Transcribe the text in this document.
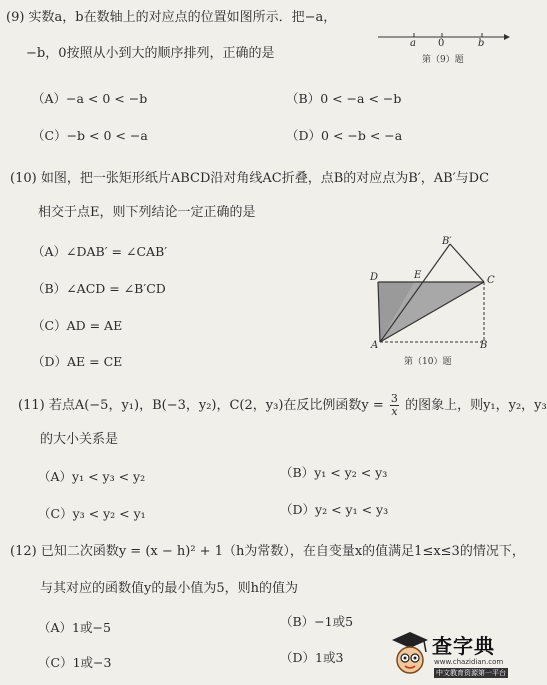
(9) 实数a，b在数轴上的对应点的位置如图所示．把−a，
−b，0按照从小到大的顺序排列，正确的是
a 0	b
第（9）题
（A）−a < 0 < −b	（B）0 < −a < −b
（C）−b < 0 < −a	（D）0 < −b < −a
(10) 如图，把一张矩形纸片ABCD沿对角线AC折叠，点B的对应点为B′，AB′与DC
相交于点E，则下列结论一定正确的是
（A）∠DAB′ = ∠CAB′
（B）∠ACD = ∠B′CD
（C）AD = AE
（D）AE = CE
B′
D	E	C
A	B
第（10）题
(11) 若点A(−5，y₁)，B(−3，y₂)，C(2，y₃)在反比例函数$y = \frac{3}{x}$ 的图象上，则y₁，y₂，y₃
的大小关系是
（A）y₁ < y₃ < y₂	（B）y₁ < y₂ < y₃
（C）y₃ < y₂ < y₁	（D）y₂ < y₁ < y₃
(12) 已知二次函数y = (x − h)² + 1（h为常数），在自变量x的值满足1≤x≤3的情况下，
与其对应的函数值y的最小值为5，则h的值为
（A）1或−5	（B）−1或5
（C）1或−3	（D）1或3	查字典
www.chazidian.com
中文教育资源第一平台
